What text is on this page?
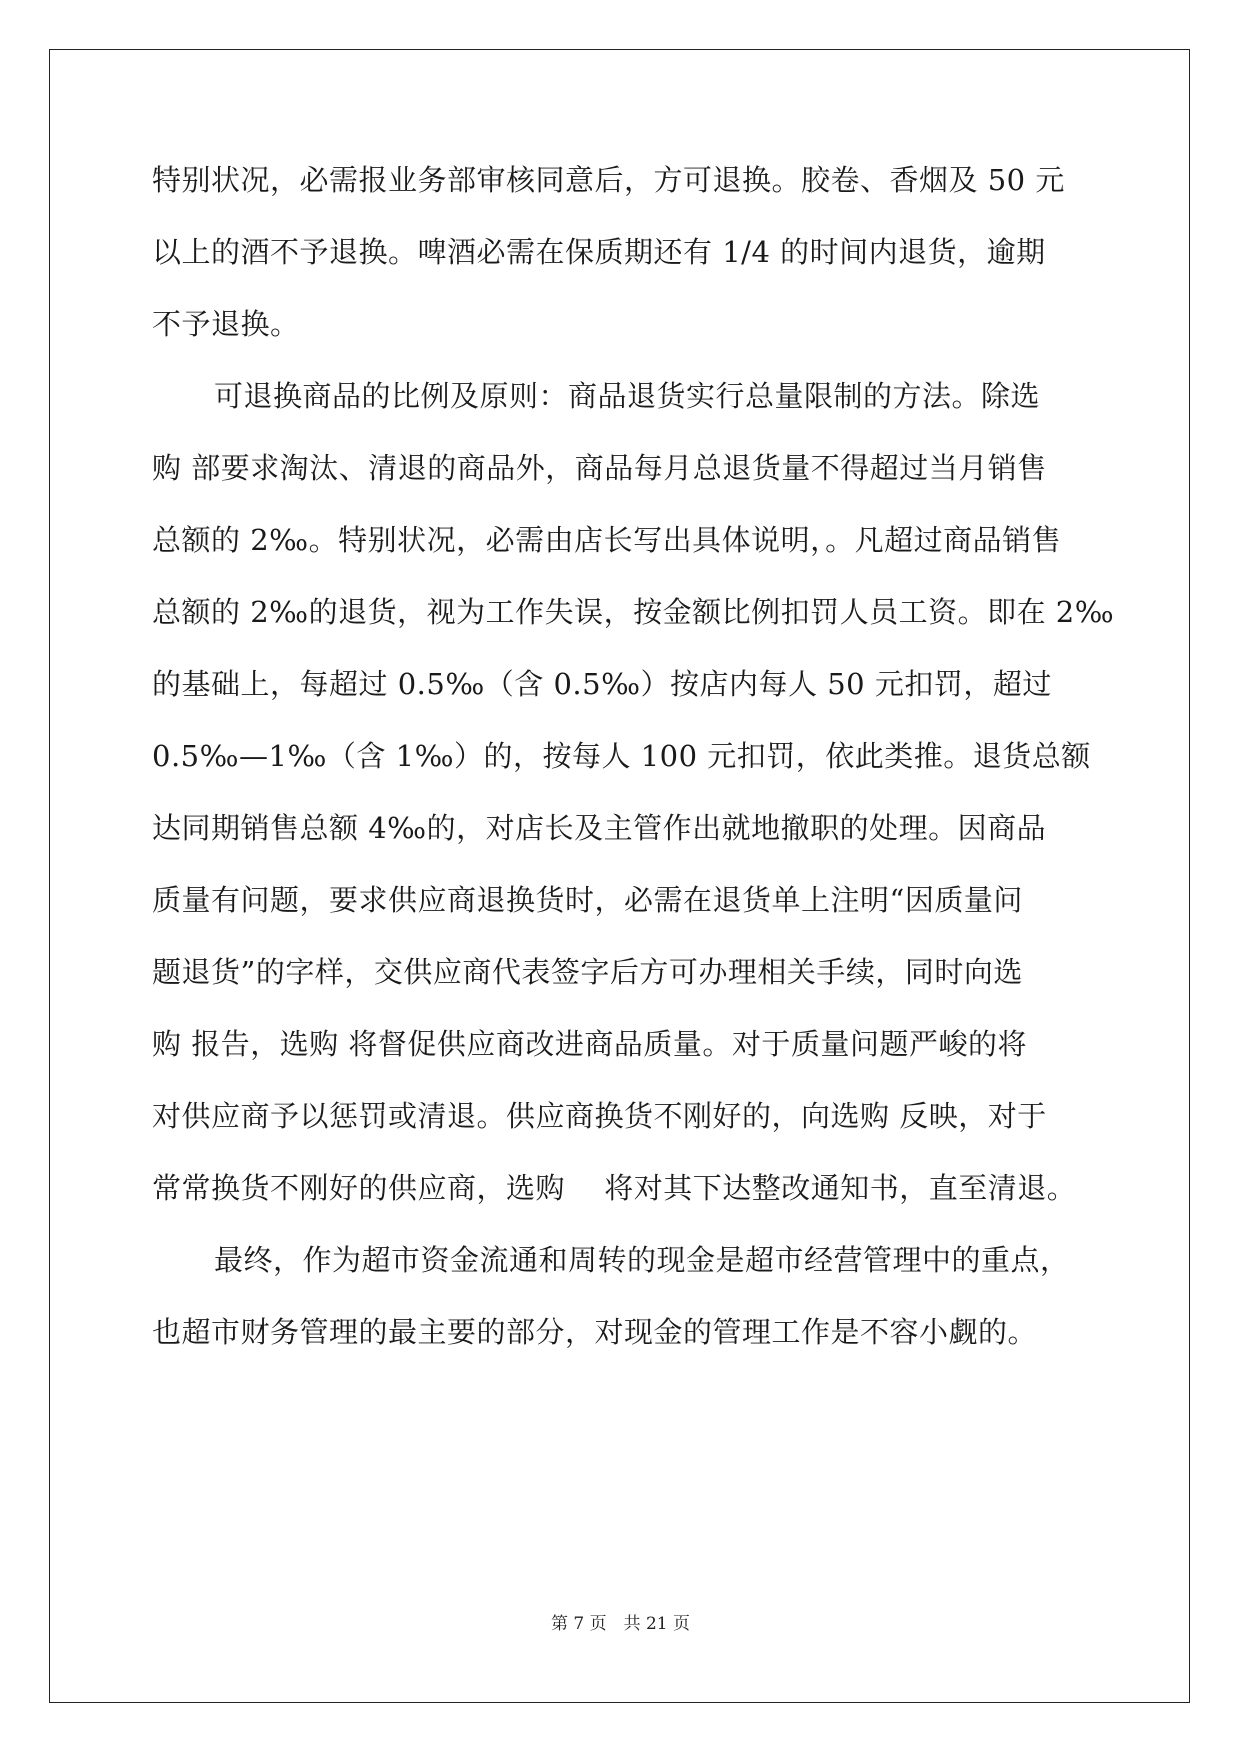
特别状况，必需报业务部审核同意后，方可退换。胶卷、香烟及 50 元
以上的酒不予退换。啤酒必需在保质期还有 1/4 的时间内退货，逾期
不予退换。
可退换商品的比例及原则：商品退货实行总量限制的方法。除选
购 部要求淘汰、清退的商品外，商品每月总退货量不得超过当月销售
总额的 2‰。特别状况，必需由店长写出具体说明，。凡超过商品销售
总额的 2‰的退货，视为工作失误，按金额比例扣罚人员工资。即在 2‰
的基础上，每超过 0.5‰（含 0.5‰）按店内每人 50 元扣罚，超过
0.5‰—1‰（含 1‰）的，按每人 100 元扣罚，依此类推。退货总额
达同期销售总额 4‰的，对店长及主管作出就地撤职的处理。因商品
质量有问题，要求供应商退换货时，必需在退货单上注明“因质量问
题退货”的字样，交供应商代表签字后方可办理相关手续，同时向选
购 报告，选购 将督促供应商改进商品质量。对于质量问题严峻的将
对供应商予以惩罚或清退。供应商换货不刚好的，向选购 反映，对于
常常换货不刚好的供应商，选购　 将对其下达整改通知书，直至清退。
最终，作为超市资金流通和周转的现金是超市经营管理中的重点，
也超市财务管理的最主要的部分，对现金的管理工作是不容小觑的。
第 7 页　共 21 页
